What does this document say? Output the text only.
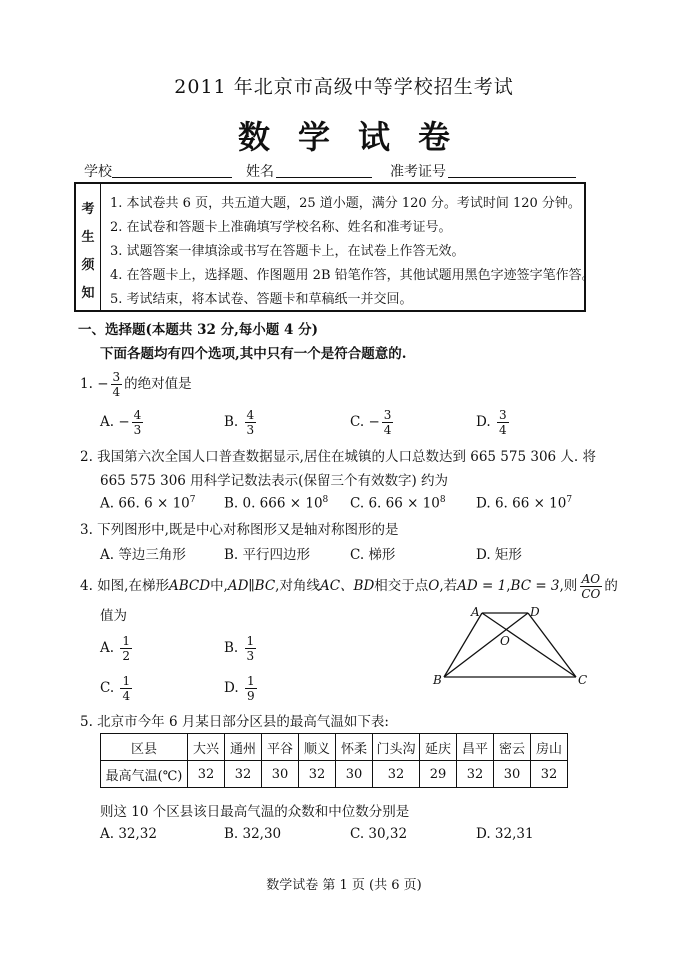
2011 年北京市高级中等学校招生考试
数学试卷
学校	姓名	准考证号
考
生
须
知
1. 本试卷共 6 页，共五道大题，25 道小题，满分 120 分。考试时间 120 分钟。
2. 在试卷和答题卡上准确填写学校名称、姓名和准考证号。
3. 试题答案一律填涂或书写在答题卡上，在试卷上作答无效。
4. 在答题卡上，选择题、作图题用 2B 铅笔作答，其他试题用黑色字迹签字笔作答。
5. 考试结束，将本试卷、答题卡和草稿纸一并交回。
一、选择题(本题共 32 分,每小题 4 分)
下面各题均有四个选项,其中只有一个是符合题意的.
1. − $\frac{3}{4}$ 的绝对值是
A. − $\frac{4}{3}$	B. $\frac{4}{3}$	C. − $\frac{3}{4}$	D. $\frac{3}{4}$
2. 我国第六次全国人口普查数据显示,居住在城镇的人口总数达到 665 575 306 人. 将
665 575 306 用科学记数法表示(保留三个有效数字) 约为
A. 66. $6 \times 10^7$ B. 0. $666 \times 10^8$ C. 6. $66 \times 10^8$ D. 6. $66 \times 10^7$
3. 下列图形中,既是中心对称图形又是轴对称图形的是
A. 等边三角形	B. 平行四边形	C. 梯形	D. 矩形
4. 如图,在梯形ABCD中,AD∥BC,对角线AC、BD相交于点O,若AD = 1,BC = 3,则 $\frac{AO}{CO}$ 的
值为
A. $\frac{1}{2}$	B. $\frac{1}{3}$
C. $\frac{1}{4}$	D. $\frac{1}{9}$
A	D
O
B	C
5. 北京市今年 6 月某日部分区县的最高气温如下表:
区县	大兴	通州	平谷	顺义	怀柔	门头沟	延庆	昌平	密云	房山
最高气温(℃)	32	32	30	32	30	32	29	32	30	32
则这 10 个区县该日最高气温的众数和中位数分别是
A. 32,32	B. 32,30	C. 30,32	D. 32,31
数学试卷 第 1 页 (共 6 页)
